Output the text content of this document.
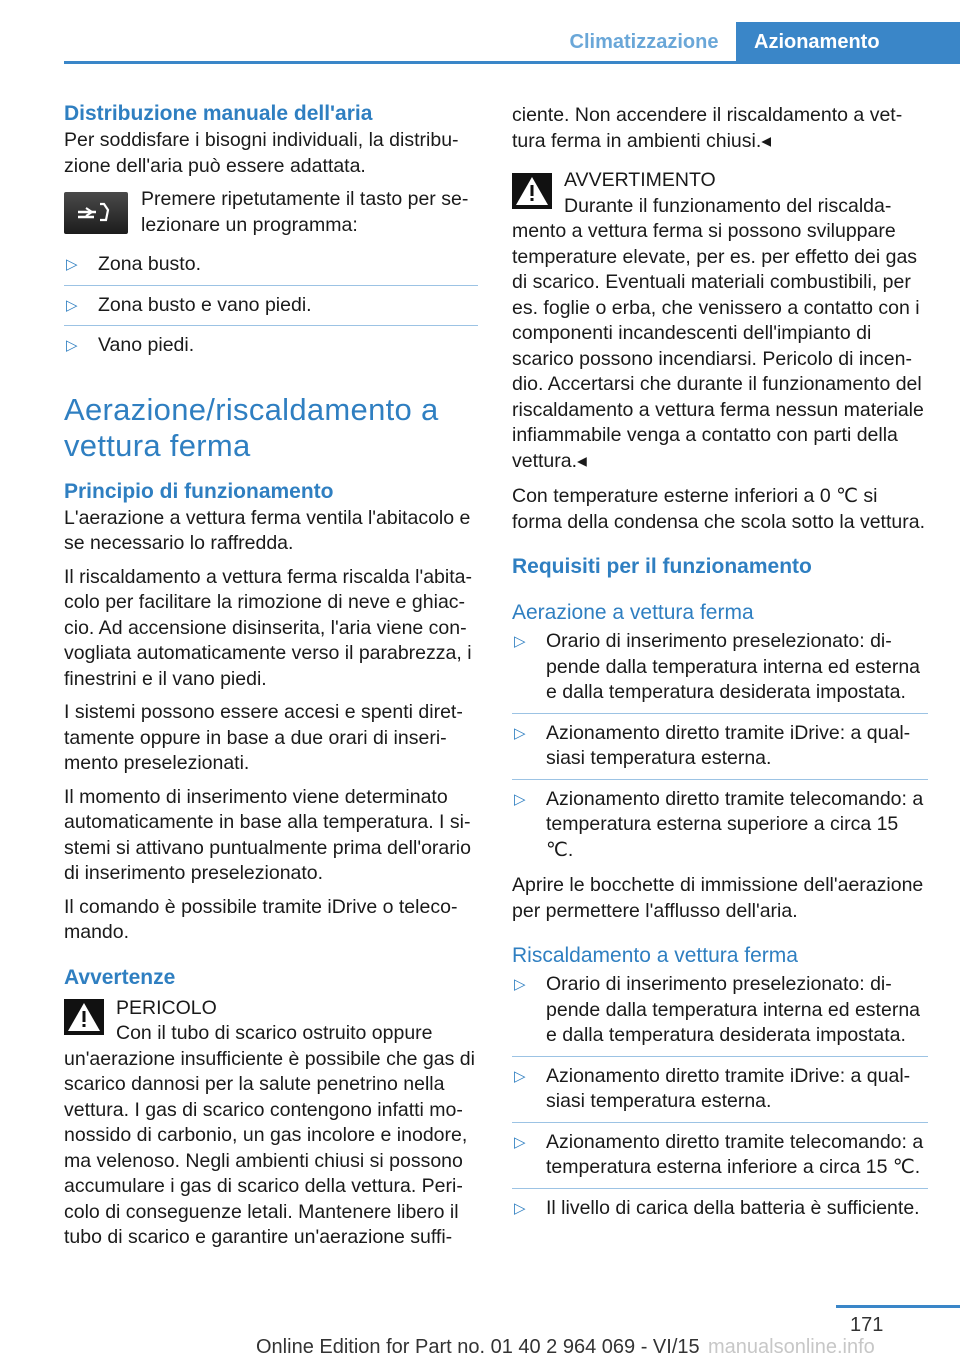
Climatizzazione	Azionamento
Distribuzione manuale dell'aria

Per soddisfare i bisogni individuali, la distribuzione dell'aria può essere adattata.

Premere ripetutamente il tasto per selezionare un programma:
▷ Zona busto.
▷ Zona busto e vano piedi.
▷ Vano piedi.
Aerazione/riscaldamento a vettura ferma
Principio di funzionamento

L'aerazione a vettura ferma ventila l'abitacolo e se necessario lo raffredda.

Il riscaldamento a vettura ferma riscalda l'abitacolo per facilitare la rimozione di neve e ghiaccio. Ad accensione disinserita, l'aria viene convogliata automaticamente verso il parabrezza, i finestrini e il vano piedi.

I sistemi possono essere accesi e spenti direttamente oppure in base a due orari di inserimento preselezionati.

Il momento di inserimento viene determinato automaticamente in base alla temperatura. I sistemi si attivano puntualmente prima dell'orario di inserimento preselezionato.

Il comando è possibile tramite iDrive o telecomando.

Avvertenze
PERICOLO
Con il tubo di scarico ostruito oppure un'aerazione insufficiente è possibile che gas di scarico dannosi per la salute penetrino nella vettura. I gas di scarico contengono infatti monossido di carbonio, un gas incolore e inodore, ma velenoso. Negli ambienti chiusi si possono accumulare i gas di scarico della vettura. Pericolo di conseguenze letali. Mantenere libero il tubo di scarico e garantire un'aerazione suffi-

ciente. Non accendere il riscaldamento a vettura ferma in ambienti chiusi.◂

AVVERTIMENTO
Durante il funzionamento del riscaldamento a vettura ferma si possono sviluppare temperature elevate, per es. per effetto dei gas di scarico. Eventuali materiali combustibili, per es. foglie o erba, che venissero a contatto con i componenti incandescenti dell'impianto di scarico possono incendiarsi. Pericolo di incendio. Accertarsi che durante il funzionamento del riscaldamento a vettura ferma nessun materiale infiammabile venga a contatto con parti della vettura.◂

Con temperature esterne inferiori a 0 ℃ si forma della condensa che scola sotto la vettura.

Requisiti per il funzionamento
Aerazione a vettura ferma
▷ Orario di inserimento preselezionato: dipende dalla temperatura interna ed esterna e dalla temperatura desiderata impostata.
▷ Azionamento diretto tramite iDrive: a qualsiasi temperatura esterna.
▷ Azionamento diretto tramite telecomando: a temperatura esterna superiore a circa 15 ℃.

Aprire le bocchette di immissione dell'aerazione per permettere l'afflusso dell'aria.

Riscaldamento a vettura ferma
▷ Orario di inserimento preselezionato: dipende dalla temperatura interna ed esterna e dalla temperatura desiderata impostata.
▷ Azionamento diretto tramite iDrive: a qualsiasi temperatura esterna.
▷ Azionamento diretto tramite telecomando: a temperatura esterna inferiore a circa 15 ℃.
▷ Il livello di carica della batteria è sufficiente.
171
Online Edition for Part no. 01 40 2 964 069 - VI/15 manualsonline.info
